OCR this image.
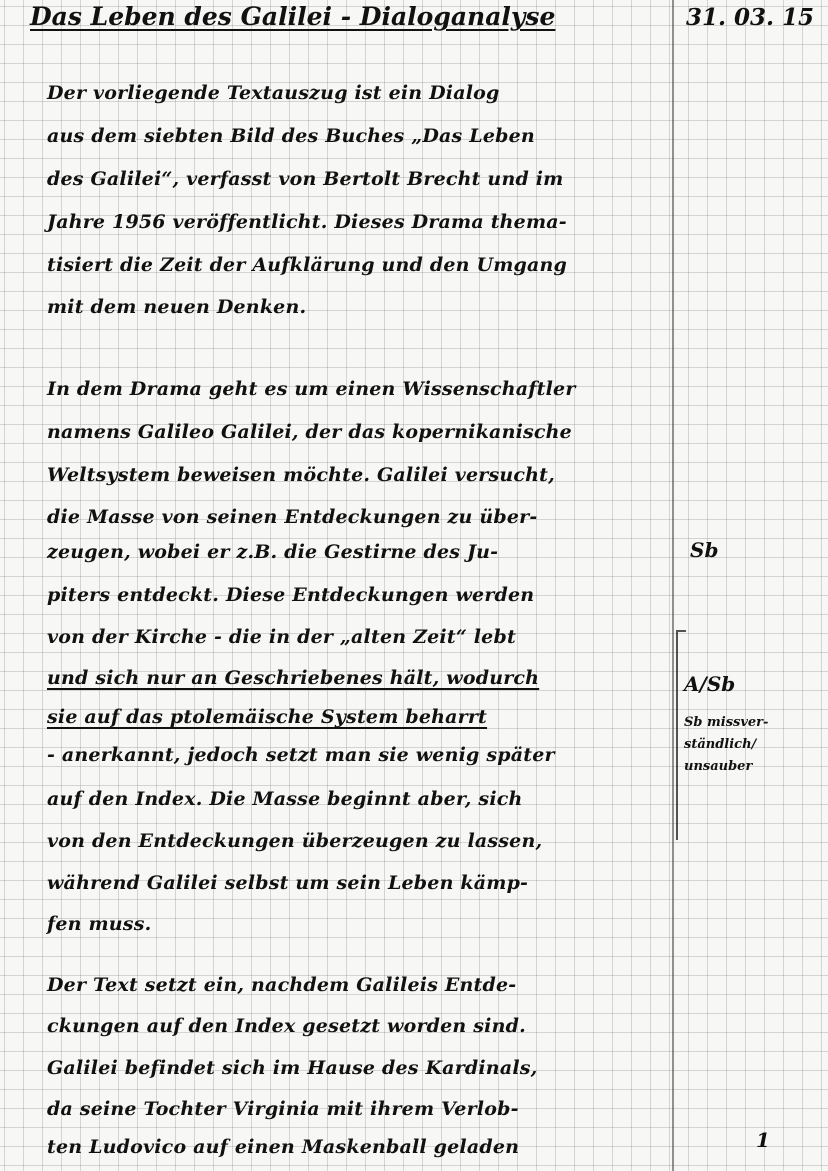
Das Leben des Galilei - Dialoganalyse	31. 03. 15
Der vorliegende Textauszug ist ein Dialog
aus dem siebten Bild des Buches „Das Leben
des Galilei“, verfasst von Bertolt Brecht und im
Jahre 1956 veröffentlicht. Dieses Drama thema-
tisiert die Zeit der Aufklärung und den Umgang
mit dem neuen Denken.
In dem Drama geht es um einen Wissenschaftler
namens Galileo Galilei, der das kopernikanische
Weltsystem beweisen möchte. Galilei versucht,
die Masse von seinen Entdeckungen zu über-
zeugen, wobei er z.B. die Gestirne des Ju-
piters entdeckt. Diese Entdeckungen werden
von der Kirche - die in der „alten Zeit“ lebt
und sich nur an Geschriebenes hält, wodurch
sie auf das ptolemäische System beharrt
- anerkannt, jedoch setzt man sie wenig später
auf den Index. Die Masse beginnt aber, sich
von den Entdeckungen überzeugen zu lassen,
während Galilei selbst um sein Leben kämp-
fen muss.
Der Text setzt ein, nachdem Galileis Entde-
ckungen auf den Index gesetzt worden sind.
Galilei befindet sich im Hause des Kardinals,
da seine Tochter Virginia mit ihrem Verlob-
ten Ludovico auf einen Maskenball geladen
Sb
A/Sb
Sb missver-
ständlich/
unsauber
1
